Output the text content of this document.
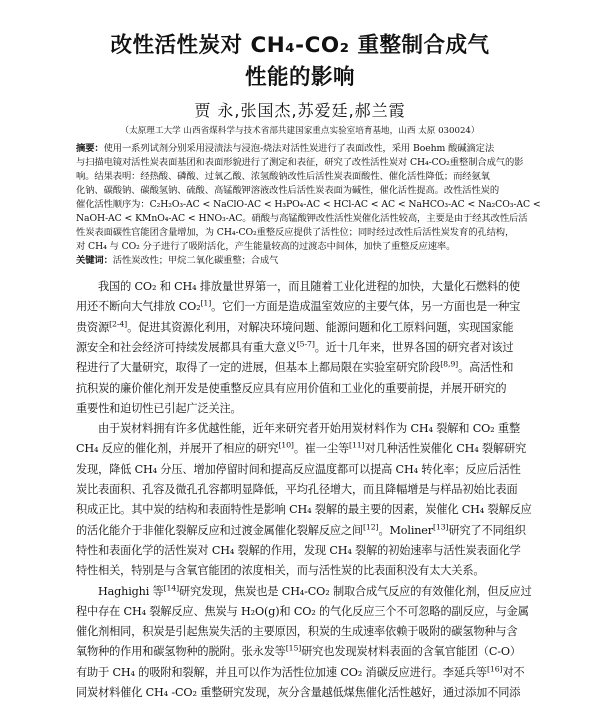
改性活性炭对 CH₄-CO₂ 重整制合成气
性能的影响
贾 永,张国杰,苏爱廷,郝兰霞
（太原理工大学 山西省煤科学与技术省部共建国家重点实验室培育基地，山西 太原 030024）
摘要：使用一系列试剂分别采用浸渍法与浸泡-烧法对活性炭进行了表面改性，采用 Boehm 酸碱滴定法
与扫描电镜对活性炭表面基团和表面形貌进行了测定和表征，研究了改性活性炭对 CH₄-CO₂重整制合成气的影
响。结果表明：经热酸、磷酸、过氧乙酸、浓氢酸钠改性后活性炭表面酸性、催化活性降低；而经氨氧
化钠、碳酸钠、碳酸氢钠、硫酸、高锰酸钾溶液改性后活性炭表面为碱性，催化活性提高。改性活性炭的
催化活性顺序为：C₂H₂O₃-AC < NaClO-AC < H₃PO₄-AC < HCl-AC < AC < NaHCO₃-AC < Na₂CO₃-AC <
NaOH-AC < KMnO₄-AC < HNO₃-AC。硝酸与高锰酸钾改性活性炭催化活性较高，主要是由于经其改性后活
性炭表面碳性官能团含量增加，为 CH₄-CO₂重整反应提供了活性位；同时经过改性后活性炭发育的孔结构，
对 CH₄ 与 CO₂ 分子进行了吸附活化，产生能量较高的过渡态中间体，加快了重整反应速率。
关键词：活性炭改性；甲烷二氧化碳重整；合成气
我国的 CO₂ 和 CH₄ 排放量世界第一，而且随着工业化进程的加快，大量化石燃料的使
用还不断向大气排放 CO₂[1]。它们一方面是造成温室效应的主要气体，另一方面也是一种宝
贵资源[2-4]。促进其资源化利用，对解决环境问题、能源问题和化工原料问题，实现国家能
源安全和社会经济可持续发展都具有重大意义[5-7]。近十几年来，世界各国的研究者对该过
程进行了大量研究，取得了一定的进展，但基本上都局限在实验室研究阶段[8,9]。高活性和
抗积炭的廉价催化剂开发是使重整反应具有应用价值和工业化的重要前提，并展开研究的
重要性和迫切性已引起广泛关注。
由于炭材料拥有许多优越性能，近年来研究者开始用炭材料作为 CH₄ 裂解和 CO₂ 重整
CH₄ 反应的催化剂，并展开了相应的研究[10]。崔一尘等[11]对几种活性炭催化 CH₄ 裂解研究
发现，降低 CH₄ 分压、增加停留时间和提高反应温度都可以提高 CH₄ 转化率；反应后活性
炭比表面积、孔容及微孔孔容都明显降低，平均孔径增大，而且降幅增是与样品初始比表面
积成正比。其中炭的结构和表面特性是影响 CH₄ 裂解的最主要的因素，炭催化 CH₄ 裂解反应
的活化能介于非催化裂解反应和过渡金属催化裂解反应之间[12]。Moliner[13]研究了不同组织
特性和表面化学的活性炭对 CH₄ 裂解的作用，发现 CH₄ 裂解的初始速率与活性炭表面化学
特性相关，特别是与含氧官能团的浓度相关，而与活性炭的比表面积没有太大关系。
Haghighi 等[14]研究发现，焦炭也是 CH₄-CO₂ 制取合成气反应的有效催化剂，但反应过
程中存在 CH₄ 裂解反应、焦炭与 H₂O(g)和 CO₂ 的气化反应三个不可忽略的副反应，与金属
催化剂相同，积炭是引起焦炭失活的主要原因，积炭的生成速率依赖于吸附的碳氢物种与含
氧物种的作用和碳氢物种的脱附。张永发等[15]研究也发现炭材料表面的含氧官能团（C-O）
有助于 CH₄ 的吸附和裂解，并且可以作为活性位加速 CO₂ 消碳反应进行。李延兵等[16]对不
同炭材料催化 CH₄ -CO₂ 重整研究发现，灰分含量越低煤焦催化活性越好，通过添加不同添
